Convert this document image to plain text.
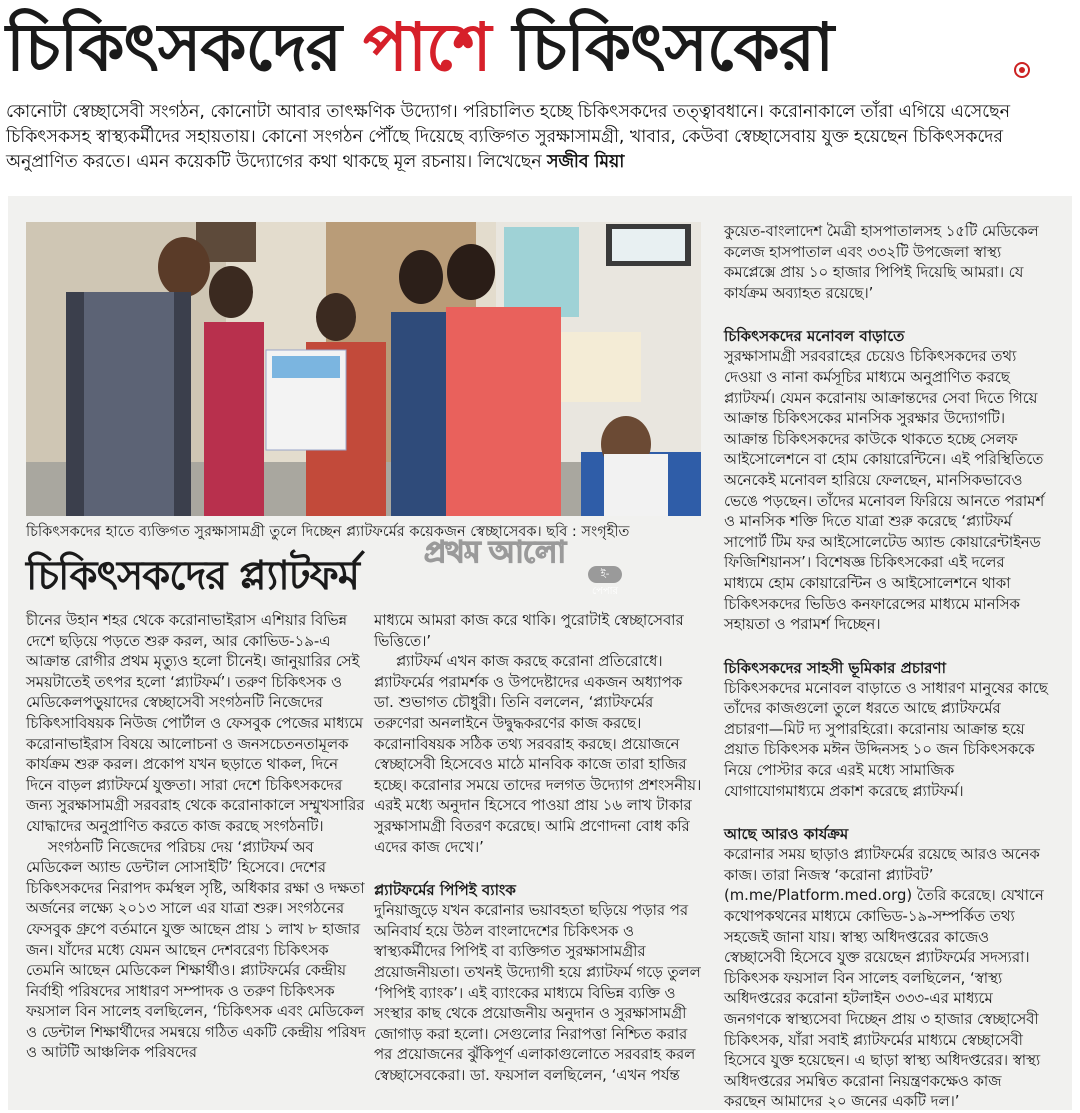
চিকিৎসকদের পাশে চিকিৎসকেরা
কোনোটা স্বেচ্ছাসেবী সংগঠন, কোনোটা আবার তাৎক্ষণিক উদ্যোগ। পরিচালিত হচ্ছে চিকিৎসকদের তত্ত্বাবধানে। করোনাকালে তাঁরা এগিয়ে এসেছেন চিকিৎসকসহ স্বাস্থ্যকর্মীদের সহায়তায়। কোনো সংগঠন পৌঁছে দিয়েছে ব্যক্তিগত সুরক্ষাসামগ্রী, খাবার, কেউবা স্বেচ্ছাসেবায় যুক্ত হয়েছেন চিকিৎসকদের অনুপ্রাণিত করতে। এমন কয়েকটি উদ্যোগের কথা থাকছে মূল রচনায়। লিখেছেন সজীব মিয়া
চিকিৎসকদের হাতে ব্যক্তিগত সুরক্ষাসামগ্রী তুলে দিচ্ছেন প্ল্যাটফর্মের কয়েকজন স্বেচ্ছাসেবক। ছবি : সংগৃহীত
প্রথম আলো
ই-পেপার
চিকিৎসকদের প্ল্যাটফর্ম

চীনের উহান শহর থেকে করোনাভাইরাস এশিয়ার বিভিন্ন দেশে ছড়িয়ে পড়তে শুরু করল, আর কোভিড-১৯-এ আক্রান্ত রোগীর প্রথম মৃত্যুও হলো চীনেই। জানুয়ারির সেই সময়টাতেই তৎপর হলো ‘প্ল্যাটফর্ম’। তরুণ চিকিৎসক ও মেডিকেলপড়ুয়াদের স্বেচ্ছাসেবী সংগঠনটি নিজেদের চিকিৎসাবিষয়ক নিউজ পোর্টাল ও ফেসবুক পেজের মাধ্যমে করোনাভাইরাস বিষয়ে আলোচনা ও জনসচেতনতামূলক কার্যক্রম শুরু করল। প্রকোপ যখন ছড়াতে থাকল, দিনে দিনে বাড়ল প্ল্যাটফর্মে যুক্ততা। সারা দেশে চিকিৎসকদের জন্য সুরক্ষাসামগ্রী সরবরাহ থেকে করোনাকালে সম্মুখসারির যোদ্ধাদের অনুপ্রাণিত করতে কাজ করছে সংগঠনটি।

সংগঠনটি নিজেদের পরিচয় দেয় ‘প্ল্যাটফর্ম অব মেডিকেল অ্যান্ড ডেন্টাল সোসাইটি’ হিসেবে। দেশের চিকিৎসকদের নিরাপদ কর্মস্থল সৃষ্টি, অধিকার রক্ষা ও দক্ষতা অর্জনের লক্ষ্যে ২০১৩ সালে এর যাত্রা শুরু। সংগঠনের ফেসবুক গ্রুপে বর্তমানে যুক্ত আছেন প্রায় ১ লাখ ৮ হাজার জন। যাঁদের মধ্যে যেমন আছেন দেশবরেণ্য চিকিৎসক তেমনি আছেন মেডিকেল শিক্ষার্থীও। প্ল্যাটফর্মের কেন্দ্রীয় নির্বাহী পরিষদের সাধারণ সম্পাদক ও তরুণ চিকিৎসক ফয়সাল বিন সালেহ বলছিলেন, ‘চিকিৎসক এবং মেডিকেল ও ডেন্টাল শিক্ষার্থীদের সমন্বয়ে গঠিত একটি কেন্দ্রীয় পরিষদ ও আটটি আঞ্চলিক পরিষদের

মাধ্যমে আমরা কাজ করে থাকি। পুরোটাই স্বেচ্ছাসেবার ভিত্তিতে।’

প্ল্যাটফর্ম এখন কাজ করছে করোনা প্রতিরোধে। প্ল্যাটফর্মের পরামর্শক ও উপদেষ্টাদের একজন অধ্যাপক ডা. শুভাগত চৌধুরী। তিনি বললেন, ‘প্ল্যাটফর্মের তরুণেরা অনলাইনে উদ্বুদ্ধকরণের কাজ করছে। করোনাবিষয়ক সঠিক তথ্য সরবরাহ করছে। প্রয়োজনে স্বেচ্ছাসেবী হিসেবেও মাঠে মানবিক কাজে তারা হাজির হচ্ছে। করোনার সময়ে তাদের দলগত উদ্যোগ প্রশংসনীয়। এরই মধ্যে অনুদান হিসেবে পাওয়া প্রায় ১৬ লাখ টাকার সুরক্ষাসামগ্রী বিতরণ করেছে। আমি প্রণোদনা বোধ করি এদের কাজ দেখে।’

প্ল্যাটফর্মের পিপিই ব্যাংক

দুনিয়াজুড়ে যখন করোনার ভয়াবহতা ছড়িয়ে পড়ার পর অনিবার্য হয়ে উঠল বাংলাদেশের চিকিৎসক ও স্বাস্থ্যকর্মীদের পিপিই বা ব্যক্তিগত সুরক্ষাসামগ্রীর প্রয়োজনীয়তা। তখনই উদ্যোগী হয়ে প্ল্যাটফর্ম গড়ে তুলল ‘পিপিই ব্যাংক’। এই ব্যাংকের মাধ্যমে বিভিন্ন ব্যক্তি ও সংস্থার কাছ থেকে প্রয়োজনীয় অনুদান ও সুরক্ষাসামগ্রী জোগাড় করা হলো। সেগুলোর নিরাপত্তা নিশ্চিত করার পর প্রয়োজনের ঝুঁকিপূর্ণ এলাকাগুলোতে সরবরাহ করল স্বেচ্ছাসেবকেরা। ডা. ফয়সাল বলছিলেন, ‘এখন পর্যন্ত

কুয়েত-বাংলাদেশ মৈত্রী হাসপাতালসহ ১৫টি মেডিকেল কলেজ হাসপাতাল এবং ৩৩২টি উপজেলা স্বাস্থ্য কমপ্লেক্সে প্রায় ১০ হাজার পিপিই দিয়েছি আমরা। যে কার্যক্রম অব্যাহত রয়েছে।’

চিকিৎসকদের মনোবল বাড়াতে

সুরক্ষাসামগ্রী সরবরাহের চেয়েও চিকিৎসকদের তথ্য দেওয়া ও নানা কর্মসূচির মাধ্যমে অনুপ্রাণিত করছে প্ল্যাটফর্ম। যেমন করোনায় আক্রান্তদের সেবা দিতে গিয়ে আক্রান্ত চিকিৎসকের মানসিক সুরক্ষার উদ্যোগটি। আক্রান্ত চিকিৎসকদের কাউকে থাকতে হচ্ছে সেলফ আইসোলেশনে বা হোম কোয়ারেন্টিনে। এই পরিস্থিতিতে অনেকেই মনোবল হারিয়ে ফেলছেন, মানসিকভাবেও ভেঙে পড়ছেন। তাঁদের মনোবল ফিরিয়ে আনতে পরামর্শ ও মানসিক শক্তি দিতে যাত্রা শুরু করেছে ‘প্ল্যাটফর্ম সাপোর্ট টিম ফর আইসোলেটেড অ্যান্ড কোয়ারেন্টাইনড ফিজিশিয়ানস’। বিশেষজ্ঞ চিকিৎসকেরা এই দলের মাধ্যমে হোম কোয়ারেন্টিন ও আইসোলেশনে থাকা চিকিৎসকদের ভিডিও কনফারেন্সের মাধ্যমে মানসিক সহায়তা ও পরামর্শ দিচ্ছেন।

চিকিৎসকদের সাহসী ভূমিকার প্রচারণা

চিকিৎসকদের মনোবল বাড়াতে ও সাধারণ মানুষের কাছে তাঁদের কাজগুলো তুলে ধরতে আছে প্ল্যাটফর্মের প্রচারণা—মিট দ্য সুপারহিরো। করোনায় আক্রান্ত হয়ে প্রয়াত চিকিৎসক মঈন উদ্দিনসহ ১০ জন চিকিৎসককে নিয়ে পোস্টার করে এরই মধ্যে সামাজিক যোগাযোগমাধ্যমে প্রকাশ করেছে প্ল্যাটফর্ম।

আছে আরও কার্যক্রম

করোনার সময় ছাড়াও প্ল্যাটফর্মের রয়েছে আরও অনেক কাজ। তারা নিজস্ব ‘করোনা প্ল্যাটবট’ (m.me/Platform.med.org) তৈরি করেছে। যেখানে কথোপকথনের মাধ্যমে কোভিড-১৯-সম্পর্কিত তথ্য সহজেই জানা যায়। স্বাস্থ্য অধিদপ্তরের কাজেও স্বেচ্ছাসেবী হিসেবে যুক্ত রয়েছেন প্ল্যাটফর্মের সদস্যরা। চিকিৎসক ফয়সাল বিন সালেহ বলছিলেন, ‘স্বাস্থ্য অধিদপ্তরের করোনা হটলাইন ৩৩৩-এর মাধ্যমে জনগণকে স্বাস্থ্যসেবা দিচ্ছেন প্রায় ৩ হাজার স্বেচ্ছাসেবী চিকিৎসক, যাঁরা সবাই প্ল্যাটফর্মের মাধ্যমে স্বেচ্ছাসেবী হিসেবে যুক্ত হয়েছেন। এ ছাড়া স্বাস্থ্য অধিদপ্তরের। স্বাস্থ্য অধিদপ্তরের সমন্বিত করোনা নিয়ন্ত্রণকক্ষেও কাজ করছেন আমাদের ২০ জনের একটি দল।’
